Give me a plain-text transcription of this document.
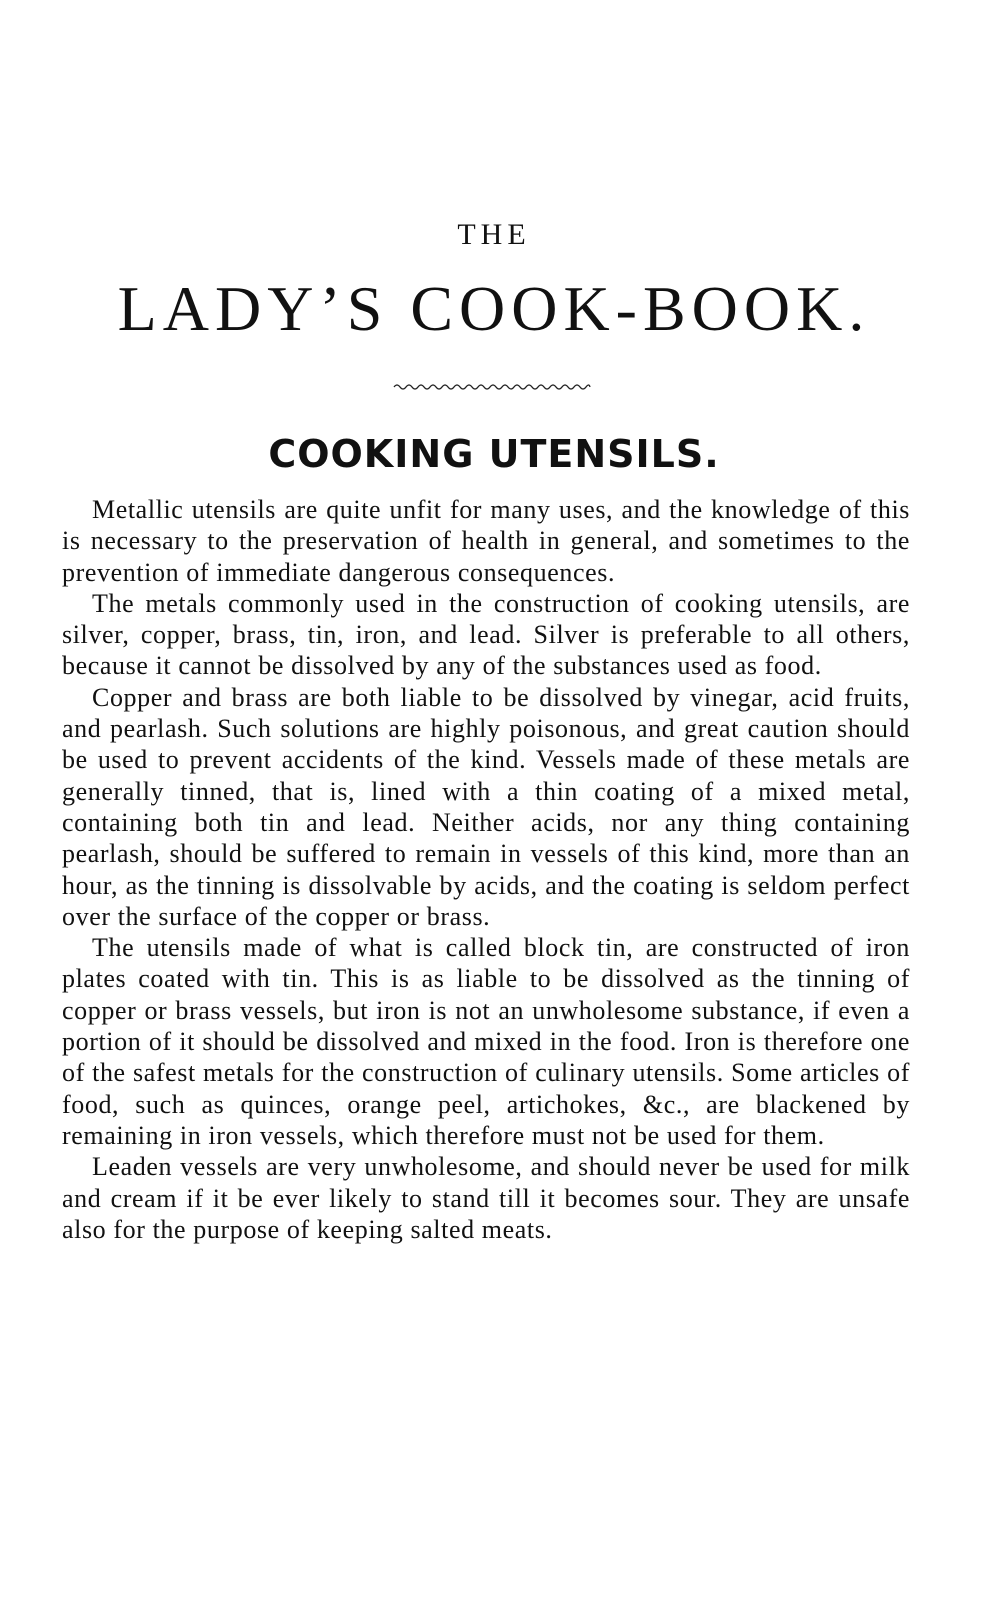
THE
LADY’S COOK-BOOK.
COOKING UTENSILS.

Metallic utensils are quite unfit for many uses, and the knowledge of this is necessary to the preservation of health in general, and sometimes to the prevention of immediate dangerous consequences.

The metals commonly used in the construction of cooking utensils, are silver, copper, brass, tin, iron, and lead. Silver is preferable to all others, because it cannot be dissolved by any of the substances used as food.

Copper and brass are both liable to be dissolved by vinegar, acid fruits, and pearlash. Such solutions are highly poisonous, and great caution should be used to prevent accidents of the kind. Vessels made of these metals are generally tinned, that is, lined with a thin coating of a mixed metal, containing both tin and lead. Neither acids, nor any thing containing pearlash, should be suffered to remain in vessels of this kind, more than an hour, as the tinning is dissolvable by acids, and the coating is seldom perfect over the surface of the copper or brass.

The utensils made of what is called block tin, are constructed of iron plates coated with tin. This is as liable to be dissolved as the tinning of copper or brass vessels, but iron is not an unwholesome substance, if even a portion of it should be dissolved and mixed in the food. Iron is therefore one of the safest metals for the construction of culinary utensils. Some articles of food, such as quinces, orange peel, artichokes, &c., are blackened by remaining in iron vessels, which therefore must not be used for them.

Leaden vessels are very unwholesome, and should never be used for milk and cream if it be ever likely to stand till it becomes sour. They are unsafe also for the purpose of keeping salted meats.
